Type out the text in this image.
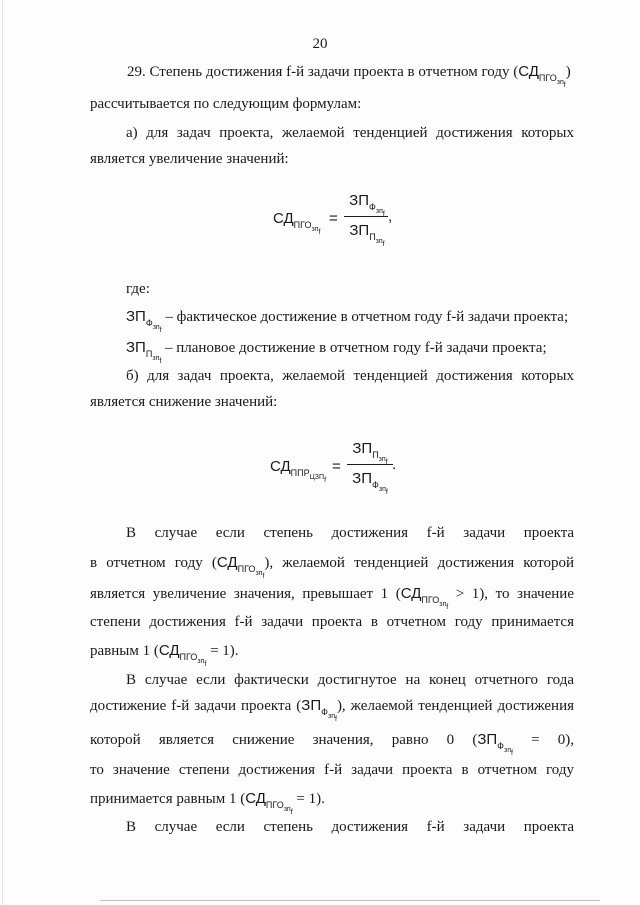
20
29. Степень достижения f-й задачи проекта в отчетном году $(СД_{ПГО_{зп_f}})$
рассчитывается по следующим формулам:
а) для задач проекта, желаемой тенденцией достижения которых
является увеличение значений:
$СД_{ПГО_{зп_f}}$
=
$ЗП_{Ф_{зп_f}}$
$ЗП_{П_{зп_f}}$
,
где:
$ЗП_{Ф_{зп_f}}$ – фактическое достижение в отчетном году f-й задачи проекта;
$ЗП_{П_{зп_f}}$ – плановое достижение в отчетном году f-й задачи проекта;
б) для задач проекта, желаемой тенденцией достижения которых
является снижение значений:
$СД_{ППР_{ЦЗП_f}}$
=
$ЗП_{П_{зп_f}}$
$ЗП_{Ф_{зп_f}}$
.
В случае если степень достижения f-й задачи проекта
в отчетном году $(СД_{ПГО_{зп_f}})$, желаемой тенденцией достижения которой
является увеличение значения, превышает 1 $(СД_{ПГО_{зп_f}} > 1)$, то значение
степени достижения f-й задачи проекта в отчетном году принимается
равным 1 $(СД_{ПГО_{зп_f}} = 1)$.
В случае если фактически достигнутое на конец отчетного года
достижение f-й задачи проекта $(ЗП_{Ф_{зп_f}})$, желаемой тенденцией достижения
которой является снижение значения, равно 0 $(ЗП_{Ф_{зп_f}} = 0)$,
то значение степени достижения f-й задачи проекта в отчетном году
принимается равным 1 $(СД_{ПГО_{зп_f}} = 1)$.
В случае если степень достижения f-й задачи проекта
